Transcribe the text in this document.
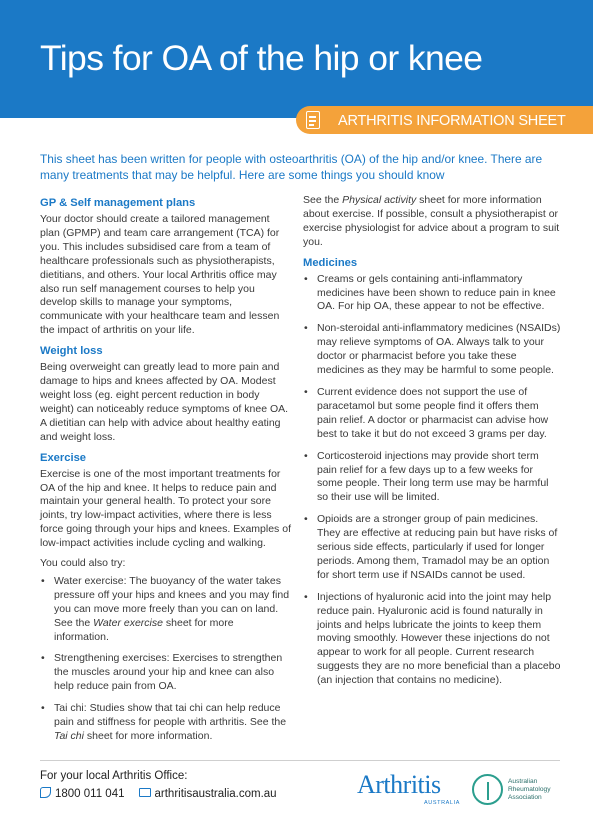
Tips for OA of the hip or knee
ARTHRITIS INFORMATION SHEET
This sheet has been written for people with osteoarthritis (OA) of the hip and/or knee. There are many treatments that may be helpful. Here are some things you should know
GP & Self management plans

Your doctor should create a tailored management plan (GPMP) and team care arrangement (TCA) for you. This includes subsidised care from a team of healthcare professionals such as physiotherapists, dietitians, and others. Your local Arthritis office may also run self management courses to help you develop skills to manage your symptoms, communicate with your healthcare team and lessen the impact of arthritis on your life.

Weight loss

Being overweight can greatly lead to more pain and damage to hips and knees affected by OA. Modest weight loss (eg. eight percent reduction in body weight) can noticeably reduce symptoms of knee OA. A dietitian can help with advice about healthy eating and weight loss.

Exercise

Exercise is one of the most important treatments for OA of the hip and knee. It helps to reduce pain and maintain your general health. To protect your sore joints, try low-impact activities, where there is less force going through your hips and knees. Examples of low-impact activities include cycling and walking.

You could also try:

• Water exercise: The buoyancy of the water takes pressure off your hips and knees and you may find you can move more freely than you can on land. See the Water exercise sheet for more information.
• Strengthening exercises: Exercises to strengthen the muscles around your hip and knee can also help reduce pain from OA.
• Tai chi: Studies show that tai chi can help reduce pain and stiffness for people with arthritis. See the Tai chi sheet for more information.

See the Physical activity sheet for more information about exercise. If possible, consult a physiotherapist or exercise physiologist for advice about a program to suit you.

Medicines
• Creams or gels containing anti-inflammatory medicines have been shown to reduce pain in knee OA. For hip OA, these appear to not be effective.
• Non-steroidal anti-inflammatory medicines (NSAIDs) may relieve symptoms of OA. Always talk to your doctor or pharmacist before you take these medicines as they may be harmful to some people.
• Current evidence does not support the use of paracetamol but some people find it offers them pain relief. A doctor or pharmacist can advise how best to take it but do not exceed 3 grams per day.
• Corticosteroid injections may provide short term pain relief for a few days up to a few weeks for some people. Their long term use may be harmful so their use will be limited.
• Opioids are a stronger group of pain medicines. They are effective at reducing pain but have risks of serious side effects, particularly if used for longer periods. Among them, Tramadol may be an option for short term use if NSAIDs cannot be used.
• Injections of hyaluronic acid into the joint may help reduce pain. Hyaluronic acid is found naturally in joints and helps lubricate the joints to keep them moving smoothly. However these injections do not appear to work for all people. Current research suggests they are no more beneficial than a placebo (an injection that contains no medicine).
For your local Arthritis Office:
1800 011 041	arthritisaustralia.com.au	Arthritis
AUSTRALIA
Australian Rheumatology Association
